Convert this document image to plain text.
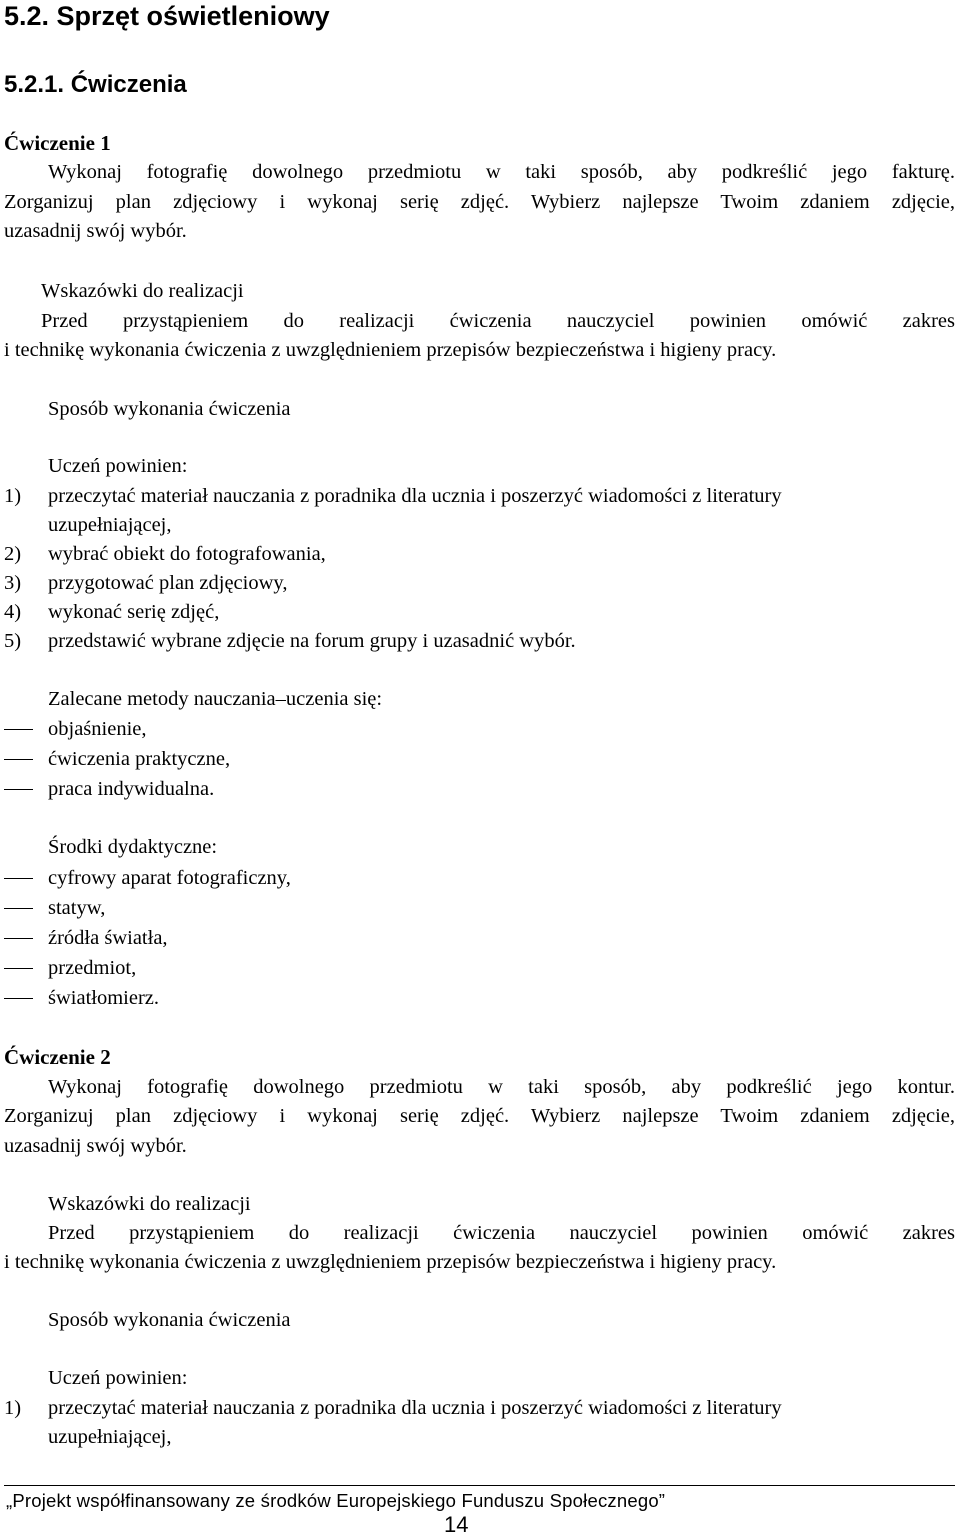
5.2. Sprzęt oświetleniowy
5.2.1. Ćwiczenia
Ćwiczenie 1
Wykonaj fotografię dowolnego przedmiotu w taki sposób, aby podkreślić jego fakturę.
Zorganizuj plan zdjęciowy i wykonaj serię zdjęć. Wybierz najlepsze Twoim zdaniem zdjęcie,
uzasadnij swój wybór.
Wskazówki do realizacji
Przed przystąpieniem do realizacji ćwiczenia nauczyciel powinien omówić zakres
i technikę wykonania ćwiczenia z uwzględnieniem przepisów bezpieczeństwa i higieny pracy.
Sposób wykonania ćwiczenia
Uczeń powinien:
1) przeczytać materiał nauczania z poradnika dla ucznia i poszerzyć wiadomości z literatury
uzupełniającej,
2) wybrać obiekt do fotografowania,
3) przygotować plan zdjęciowy,
4) wykonać serię zdjęć,
5) przedstawić wybrane zdjęcie na forum grupy i uzasadnić wybór.
Zalecane metody nauczania–uczenia się:
objaśnienie,
ćwiczenia praktyczne,
praca indywidualna.
Środki dydaktyczne:
cyfrowy aparat fotograficzny,
statyw,
źródła światła,
przedmiot,
światłomierz.
Ćwiczenie 2
Wykonaj fotografię dowolnego przedmiotu w taki sposób, aby podkreślić jego kontur.
Zorganizuj plan zdjęciowy i wykonaj serię zdjęć. Wybierz najlepsze Twoim zdaniem zdjęcie,
uzasadnij swój wybór.
Wskazówki do realizacji
Przed przystąpieniem do realizacji ćwiczenia nauczyciel powinien omówić zakres
i technikę wykonania ćwiczenia z uwzględnieniem przepisów bezpieczeństwa i higieny pracy.
Sposób wykonania ćwiczenia
Uczeń powinien:
1) przeczytać materiał nauczania z poradnika dla ucznia i poszerzyć wiadomości z literatury
uzupełniającej,
„Projekt współfinansowany ze środków Europejskiego Funduszu Społecznego”
14
